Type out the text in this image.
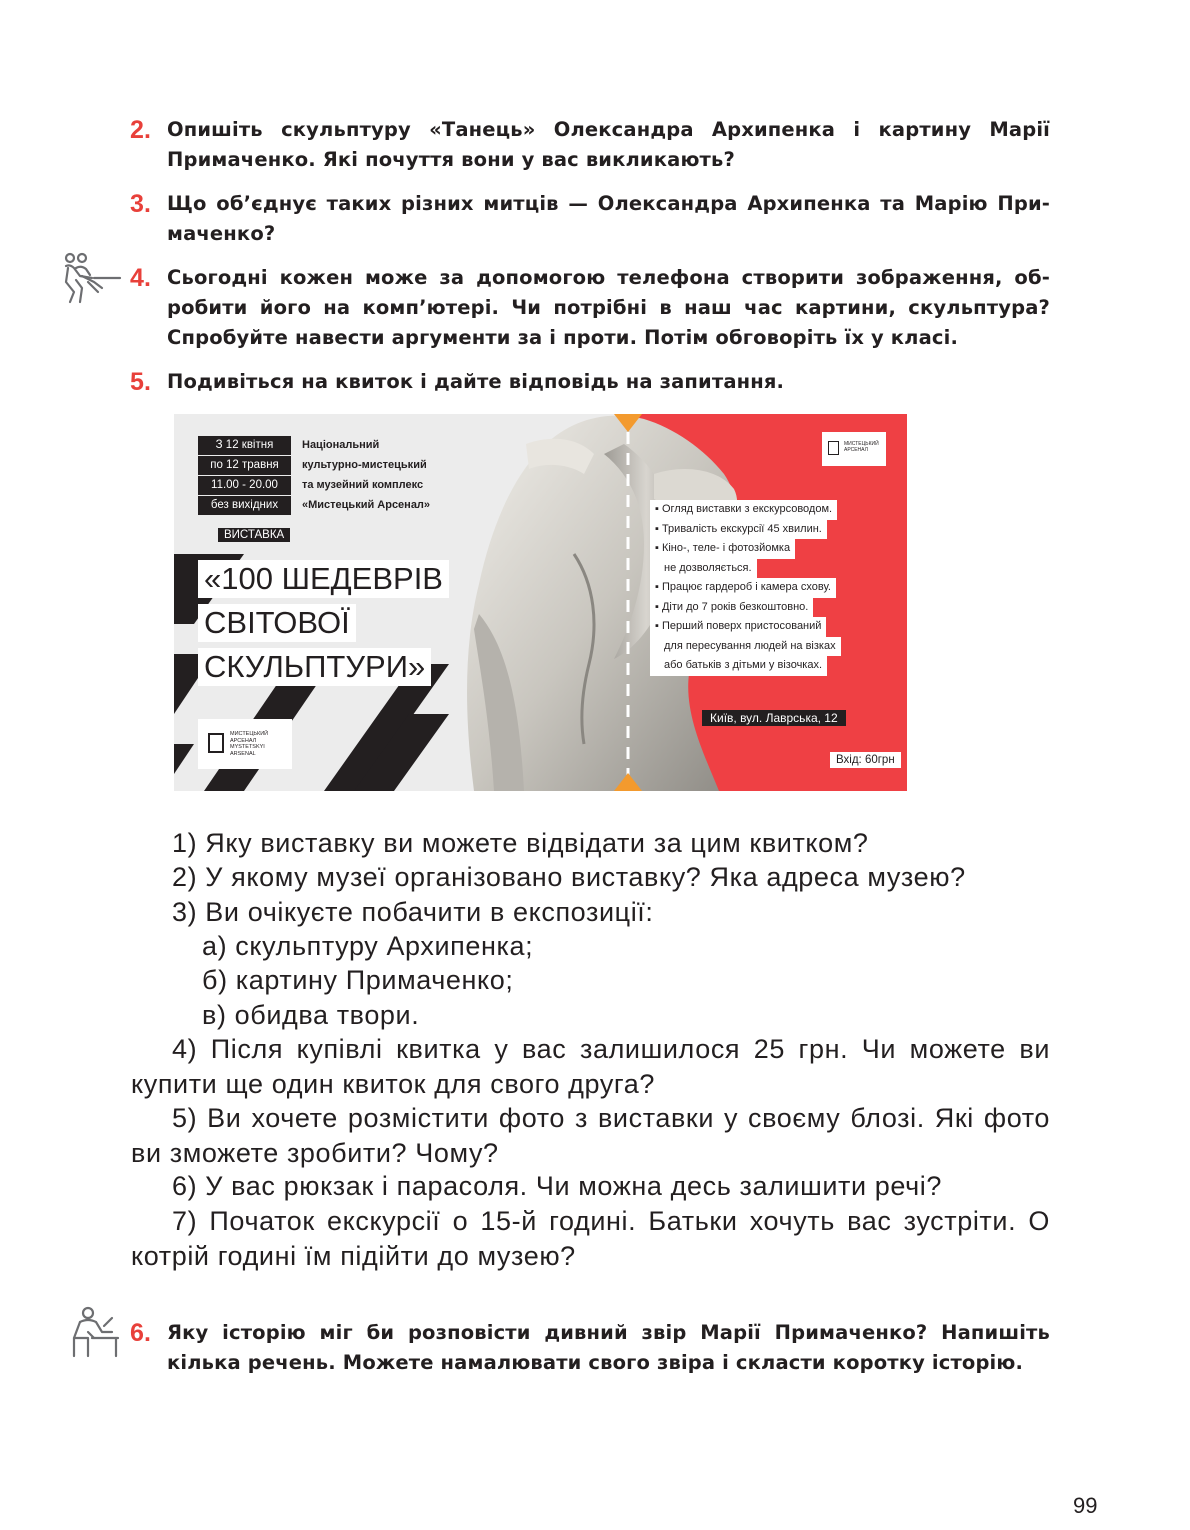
2. Опишіть скульптуру «Танець» Олександра Архипенка і картину Марії Примаченко. Які почуття вони у вас викликають?
3. Що об’єднує таких різних митців — Олександра Архипенка та Марію При-маченко?
4. Сьогодні кожен може за допомогою телефона створити зображення, об-робити його на комп’ютері. Чи потрібні в наш час картини, скульптура? Спробуйте навести аргументи за і проти. Потім обговоріть їх у класі.
5. Подивіться на квиток і дайте відповідь на запитання.
З 12 квітня
по 12 травня
11.00 - 20.00
без вихідних
Національний
культурно-мистецький
та музейний комплекс
«Мистецький Арсенал»
ВИСТАВКА
«100 ШЕДЕВРІВ
СВІТОВОЇ
СКУЛЬПТУРИ»
МИСТЕЦЬКИЙ
АРСЕНАЛ
MYSTETSKYI
ARSENAL
МИСТЕЦЬКИЙ
АРСЕНАЛ
▪ Огляд виставки з екскурсоводом.
▪ Тривалість екскурсії 45 хвилин.
▪ Кіно-, теле- і фотозйомка
не дозволяється.
▪ Працює гардероб і камера схову.
▪ Діти до 7 років безкоштовно.
▪ Перший поверх пристосований
для пересування людей на візках
або батьків з дітьми у візочках.
Київ, вул. Лаврська, 12
Вхід: 60грн
1) Яку виставку ви можете відвідати за цим квитком?
2) У якому музеї організовано виставку? Яка адреса музею?
3) Ви очікуєте побачити в експозиції:
а) скульптуру Архипенка;
б) картину Примаченко;
в) обидва твори.
4) Після купівлі квитка у вас залишилося 25 грн. Чи можете ви купити ще один квиток для свого друга?
5) Ви хочете розмістити фото з виставки у своєму блозі. Які фото ви зможете зробити? Чому?
6) У вас рюкзак і парасоля. Чи можна десь залишити речі?
7) Початок екскурсії о 15-й годині. Батьки хочуть вас зустріти. О котрій годині їм підійти до музею?
6. Яку історію міг би розповісти дивний звір Марії Примаченко? Напишіть кілька речень. Можете намалювати свого звіра і скласти коротку історію.
99
